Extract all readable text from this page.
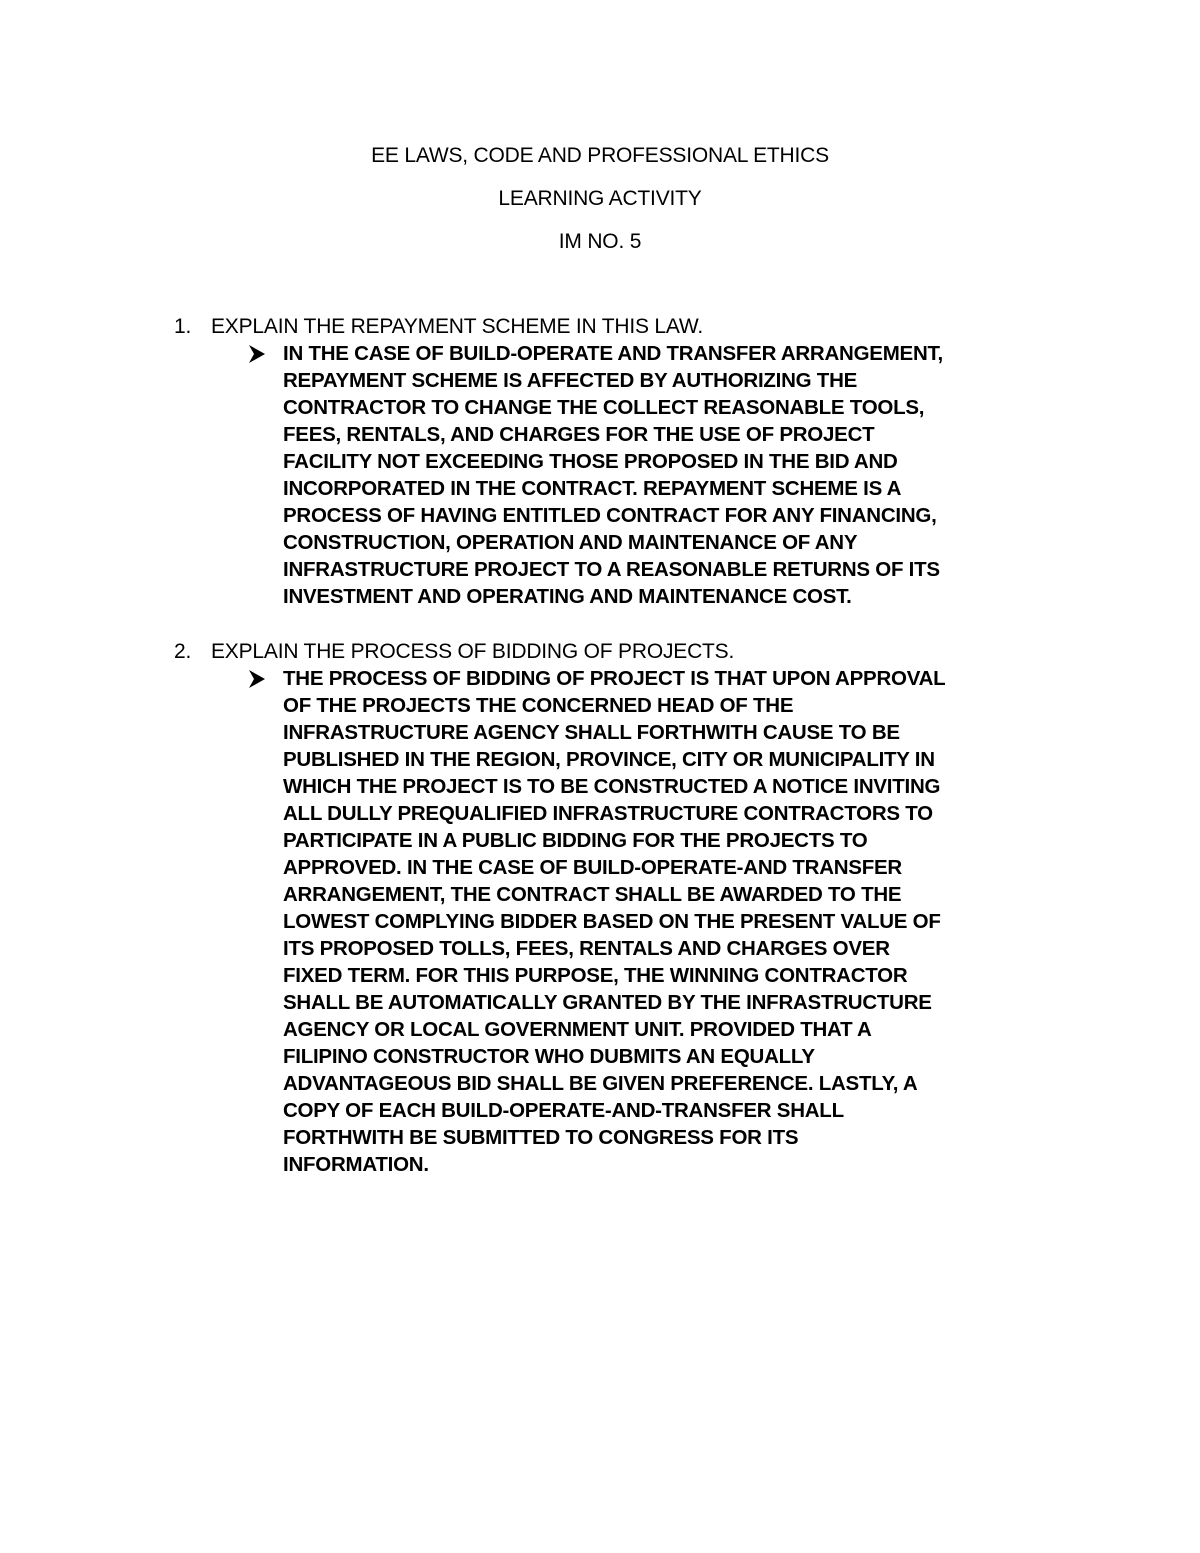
EE LAWS, CODE AND PROFESSIONAL ETHICS
LEARNING ACTIVITY
IM NO. 5
1. EXPLAIN THE REPAYMENT SCHEME IN THIS LAW.
IN THE CASE OF BUILD-OPERATE AND TRANSFER ARRANGEMENT,
REPAYMENT SCHEME IS AFFECTED BY AUTHORIZING THE
CONTRACTOR TO CHANGE THE COLLECT REASONABLE TOOLS,
FEES, RENTALS, AND CHARGES FOR THE USE OF PROJECT
FACILITY NOT EXCEEDING THOSE PROPOSED IN THE BID AND
INCORPORATED IN THE CONTRACT. REPAYMENT SCHEME IS A
PROCESS OF HAVING ENTITLED CONTRACT FOR ANY FINANCING,
CONSTRUCTION, OPERATION AND MAINTENANCE OF ANY
INFRASTRUCTURE PROJECT TO A REASONABLE RETURNS OF ITS
INVESTMENT AND OPERATING AND MAINTENANCE COST.
2. EXPLAIN THE PROCESS OF BIDDING OF PROJECTS.
THE PROCESS OF BIDDING OF PROJECT IS THAT UPON APPROVAL
OF THE PROJECTS THE CONCERNED HEAD OF THE
INFRASTRUCTURE AGENCY SHALL FORTHWITH CAUSE TO BE
PUBLISHED IN THE REGION, PROVINCE, CITY OR MUNICIPALITY IN
WHICH THE PROJECT IS TO BE CONSTRUCTED A NOTICE INVITING
ALL DULLY PREQUALIFIED INFRASTRUCTURE CONTRACTORS TO
PARTICIPATE IN A PUBLIC BIDDING FOR THE PROJECTS TO
APPROVED. IN THE CASE OF BUILD-OPERATE-AND TRANSFER
ARRANGEMENT, THE CONTRACT SHALL BE AWARDED TO THE
LOWEST COMPLYING BIDDER BASED ON THE PRESENT VALUE OF
ITS PROPOSED TOLLS, FEES, RENTALS AND CHARGES OVER
FIXED TERM. FOR THIS PURPOSE, THE WINNING CONTRACTOR
SHALL BE AUTOMATICALLY GRANTED BY THE INFRASTRUCTURE
AGENCY OR LOCAL GOVERNMENT UNIT. PROVIDED THAT A
FILIPINO CONSTRUCTOR WHO DUBMITS AN EQUALLY
ADVANTAGEOUS BID SHALL BE GIVEN PREFERENCE. LASTLY, A
COPY OF EACH BUILD-OPERATE-AND-TRANSFER SHALL
FORTHWITH BE SUBMITTED TO CONGRESS FOR ITS
INFORMATION.
